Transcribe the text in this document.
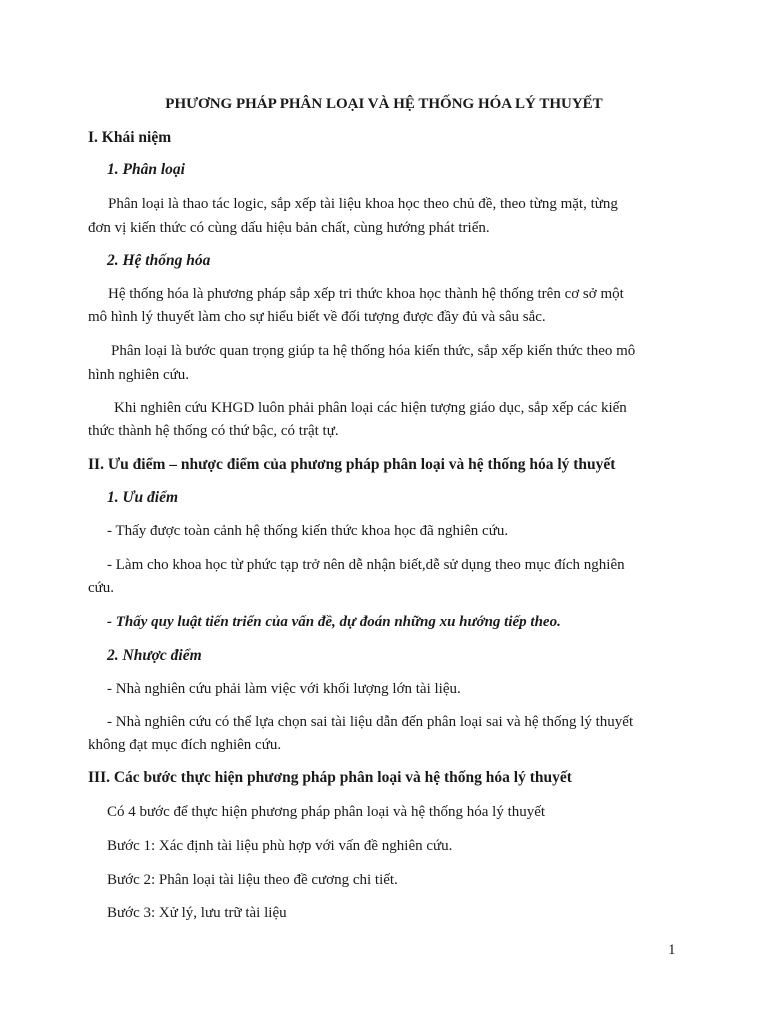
PHƯƠNG PHÁP PHÂN LOẠI VÀ HỆ THỐNG HÓA LÝ THUYẾT

I. Khái niệm

1. Phân loại

Phân loại là thao tác logic, sắp xếp tài liệu khoa học theo chủ đề, theo từng mặt, từng

đơn vị kiến thức có cùng dấu hiệu bản chất, cùng hướng phát triển.

2. Hệ thống hóa

Hệ thống hóa là phương pháp sắp xếp tri thức khoa học thành hệ thống trên cơ sở một

mô hình lý thuyết làm cho sự hiểu biết về đối tượng được đầy đủ và sâu sắc.

Phân loại là bước quan trọng giúp ta hệ thống hóa kiến thức, sắp xếp kiến thức theo mô

hình nghiên cứu.

Khi nghiên cứu KHGD luôn phải phân loại các hiện tượng giáo dục, sắp xếp các kiến

thức thành hệ thống có thứ bậc, có trật tự.

II. Ưu điểm – nhược điểm của phương pháp phân loại và hệ thống hóa lý thuyết

1. Ưu điểm

- Thấy được toàn cảnh hệ thống kiến thức khoa học đã nghiên cứu.

- Làm cho khoa học từ phức tạp trở nên dễ nhận biết,dễ sử dụng theo mục đích nghiên

cứu.

- Thấy quy luật tiến triển của vấn đề, dự đoán những xu hướng tiếp theo.

2. Nhược điểm

- Nhà nghiên cứu phải làm việc với khối lượng lớn tài liệu.

- Nhà nghiên cứu có thể lựa chọn sai tài liệu dẫn đến phân loại sai và hệ thống lý thuyết

không đạt mục đích nghiên cứu.

III. Các bước thực hiện phương pháp phân loại và hệ thống hóa lý thuyết

Có 4 bước để thực hiện phương pháp phân loại và hệ thống hóa lý thuyết

Bước 1: Xác định tài liệu phù hợp với vấn đề nghiên cứu.

Bước 2: Phân loại tài liệu theo đề cương chi tiết.

Bước 3: Xử lý, lưu trữ tài liệu

1
